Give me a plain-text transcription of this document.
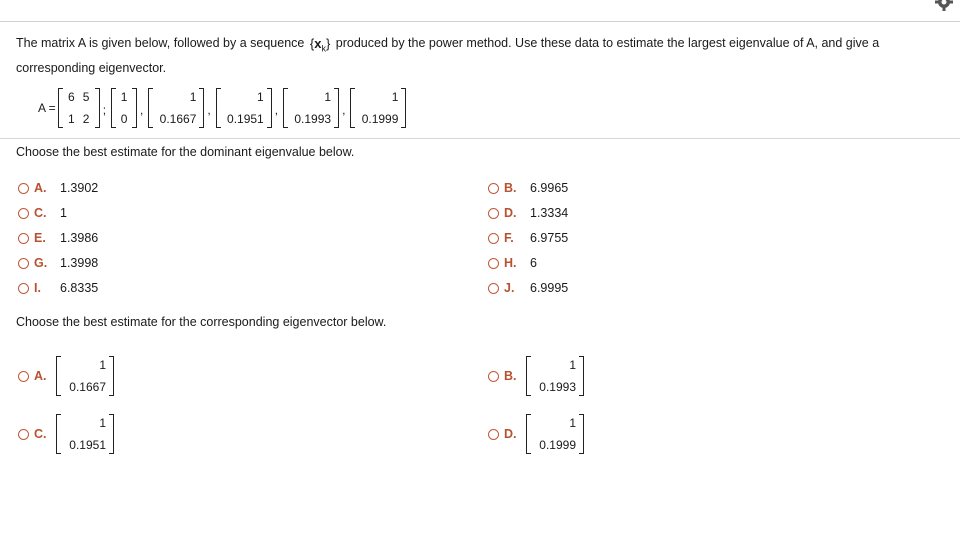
The matrix A is given below, followed by a sequence $\{x_k\}$ produced by the power method. Use these data to estimate the largest eigenvalue of A, and give a corresponding eigenvector.
A =
6 5
1 2
;
1
0
,
1
0.1667
,
1
0.1951
,
1
0.1993
,
1
0.1999
Choose the best estimate for the dominant eigenvalue below.
A.	1.3902	B.	6.9965
C.	1	D.	1.3334
E.	1.3986	F.	6.9755
G.	1.3998	H.	6
I.	6.8335	J.	6.9995
Choose the best estimate for the corresponding eigenvector below.
A.
1
0.1667
B.
1
0.1993
C.
1
0.1951
D.
1
0.1999
